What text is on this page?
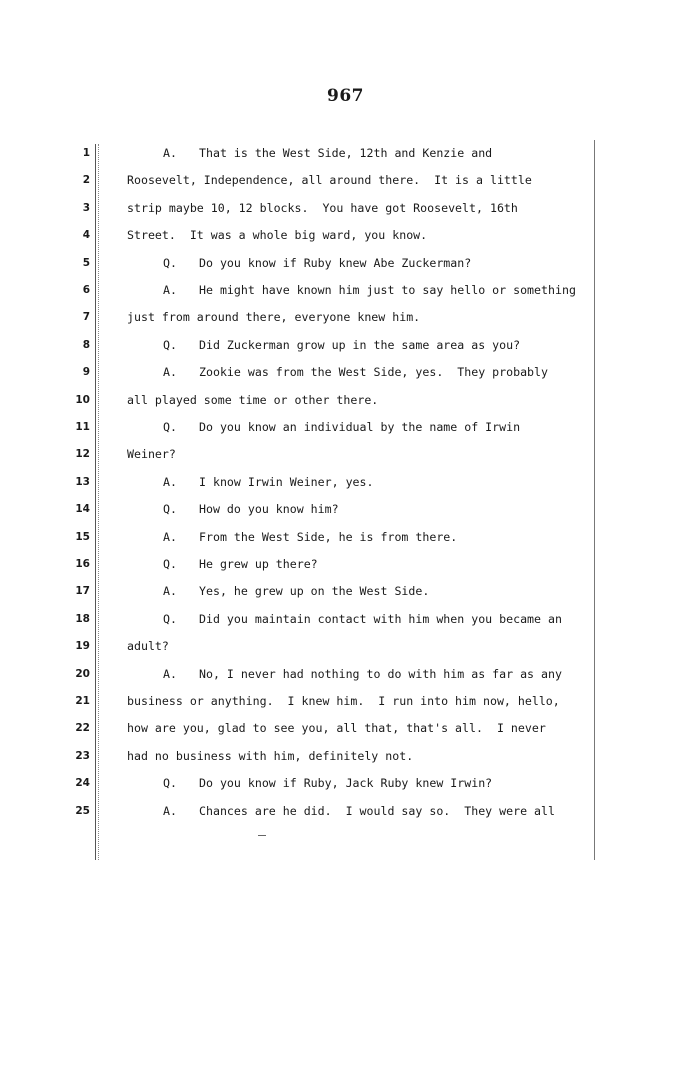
967
1
2
3
4
5
6
7
8
9
10
11
12
13
14
15
16
17
18
19
20
21
22
23
24
25
A. That is the West Side, 12th and Kenzie and
Roosevelt, Independence, all around there.  It is a little
strip maybe 10, 12 blocks.  You have got Roosevelt, 16th
Street.  It was a whole big ward, you know.
Q. Do you know if Ruby knew Abe Zuckerman?
A. He might have known him just to say hello or something
just from around there, everyone knew him.
Q. Did Zuckerman grow up in the same area as you?
A. Zookie was from the West Side, yes.  They probably
all played some time or other there.
Q. Do you know an individual by the name of Irwin
Weiner?
A. I know Irwin Weiner, yes.
Q. How do you know him?
A. From the West Side, he is from there.
Q. He grew up there?
A. Yes, he grew up on the West Side.
Q. Did you maintain contact with him when you became an
adult?
A. No, I never had nothing to do with him as far as any
business or anything.  I knew him.  I run into him now, hello,
how are you, glad to see you, all that, that's all.  I never
had no business with him, definitely not.
Q. Do you know if Ruby, Jack Ruby knew Irwin?
A. Chances are he did.  I would say so.  They were all
